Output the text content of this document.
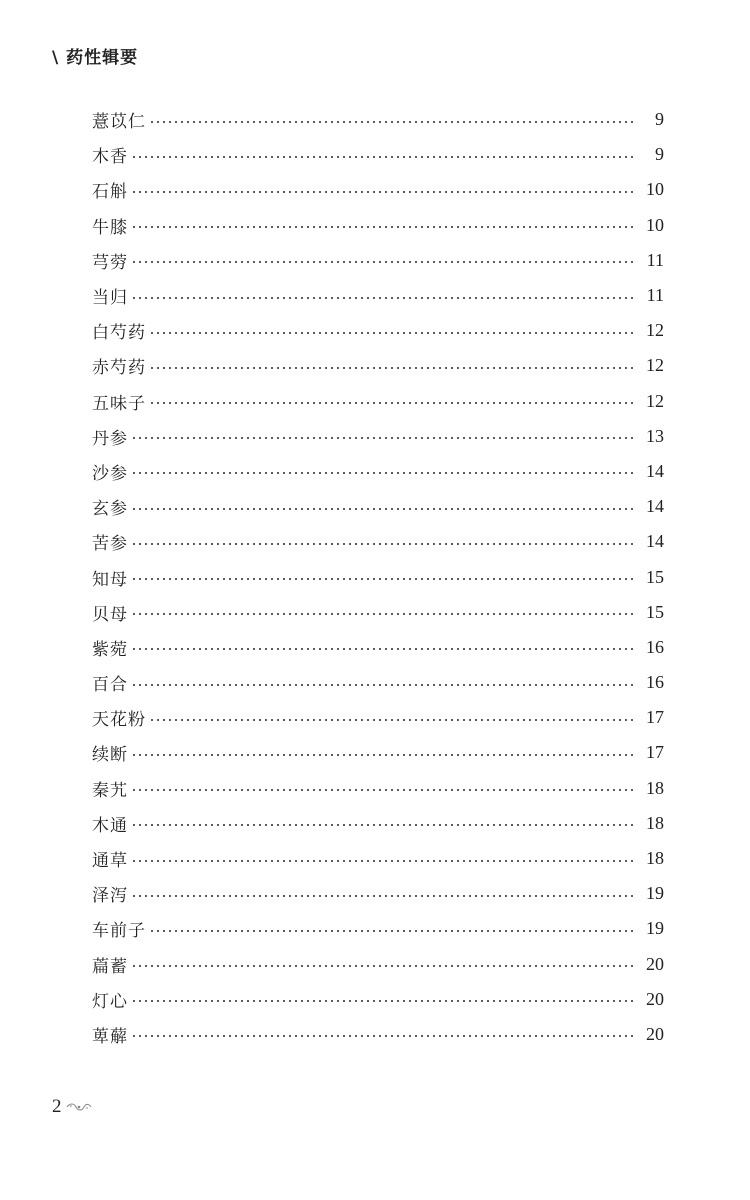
\ 药性辑要
薏苡仁	9
木香	9
石斛	10
牛膝	10
芎䓖	11
当归	11
白芍药	12
赤芍药	12
五味子	12
丹参	13
沙参	14
玄参	14
苦参	14
知母	15
贝母	15
紫菀	16
百合	16
天花粉	17
续断	17
秦艽	18
木通	18
通草	18
泽泻	19
车前子	19
萹蓄	20
灯心	20
萆薢	20
2
